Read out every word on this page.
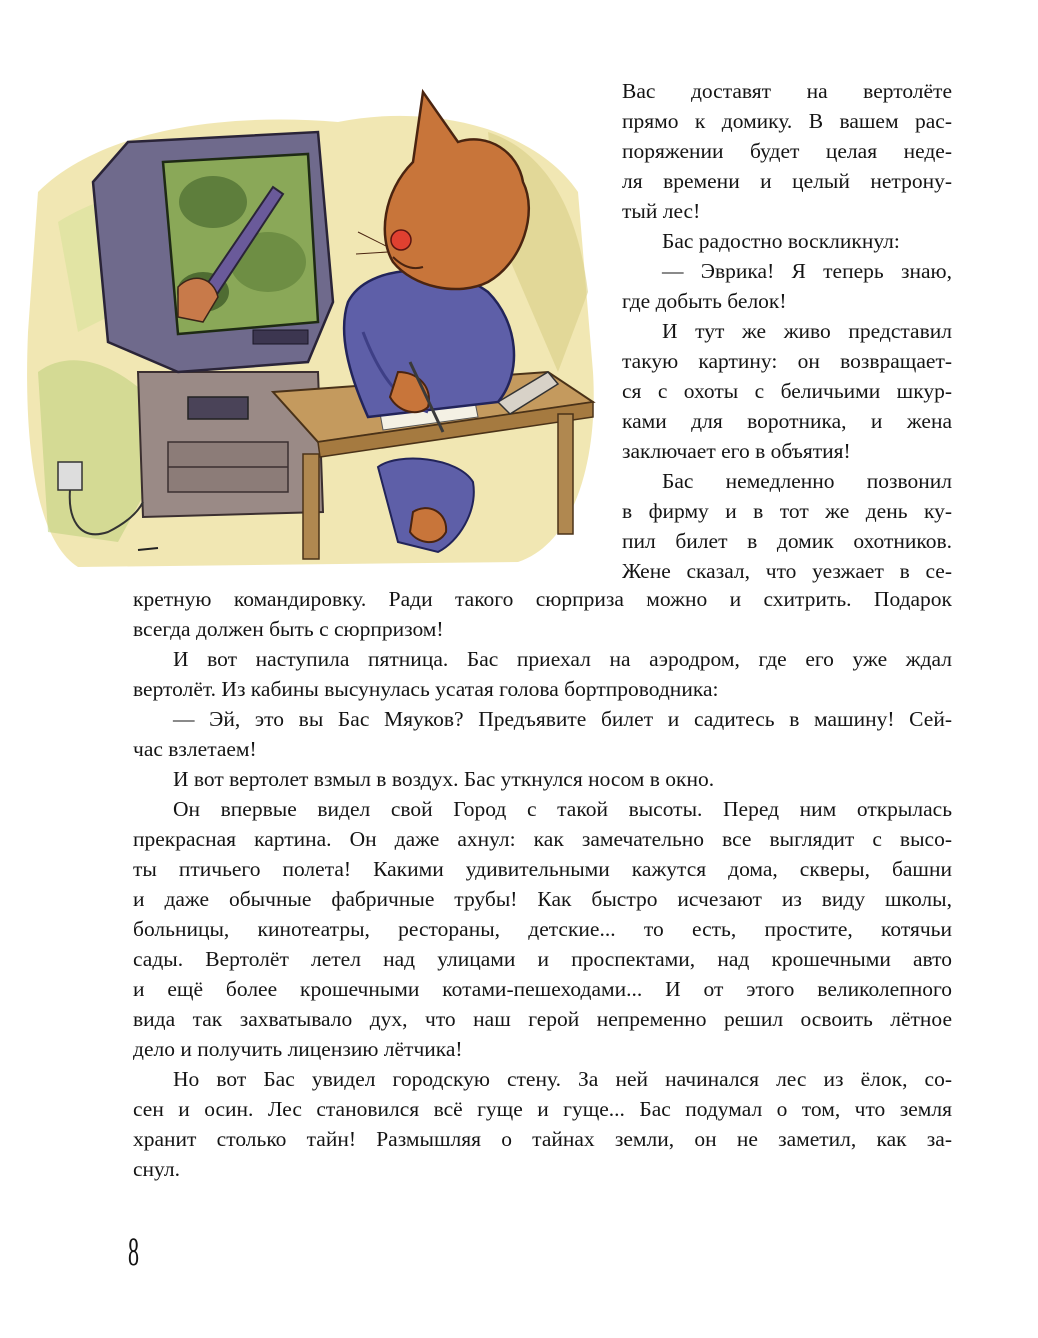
Вас доставят на вертолёте
прямо к домику. В вашем рас-
поряжении будет целая неде-
ля времени и целый нетрону-
тый лес!
Бас радостно воскликнул:
— Эврика! Я теперь знаю,
где добыть белок!
И тут же живо представил
такую картину: он возвращает-
ся с охоты с беличьими шкур-
ками для воротника, и жена
заключает его в объятия!
Бас немедленно позвонил
в фирму и в тот же день ку-
пил билет в домик охотников.
Жене сказал, что уезжает в се-
кретную командировку. Ради такого сюрприза можно и схитрить. Подарок
всегда должен быть с сюрпризом!
И вот наступила пятница. Бас приехал на аэродром, где его уже ждал
вертолёт. Из кабины высунулась усатая голова бортпроводника:
— Эй, это вы Бас Мяуков? Предъявите билет и садитесь в машину! Сей-
час взлетаем!
И вот вертолет взмыл в воздух. Бас уткнулся носом в окно.
Он впервые видел свой Город с такой высоты. Перед ним открылась
прекрасная картина. Он даже ахнул: как замечательно все выглядит с высо-
ты птичьего полета! Какими удивительными кажутся дома, скверы, башни
и даже обычные фабричные трубы! Как быстро исчезают из виду школы,
больницы, кинотеатры, рестораны, детские... то есть, простите, котячьи
сады. Вертолёт летел над улицами и проспектами, над крошечными авто
и ещё более крошечными котами-пешеходами... И от этого великолепного
вида так захватывало дух, что наш герой непременно решил освоить лётное
дело и получить лицензию лётчика!
Но вот Бас увидел городскую стену. За ней начинался лес из ёлок, со-
сен и осин. Лес становился всё гуще и гуще... Бас подумал о том, что земля
хранит столько тайн! Размышляя о тайнах земли, он не заметил, как за-
снул.
8
